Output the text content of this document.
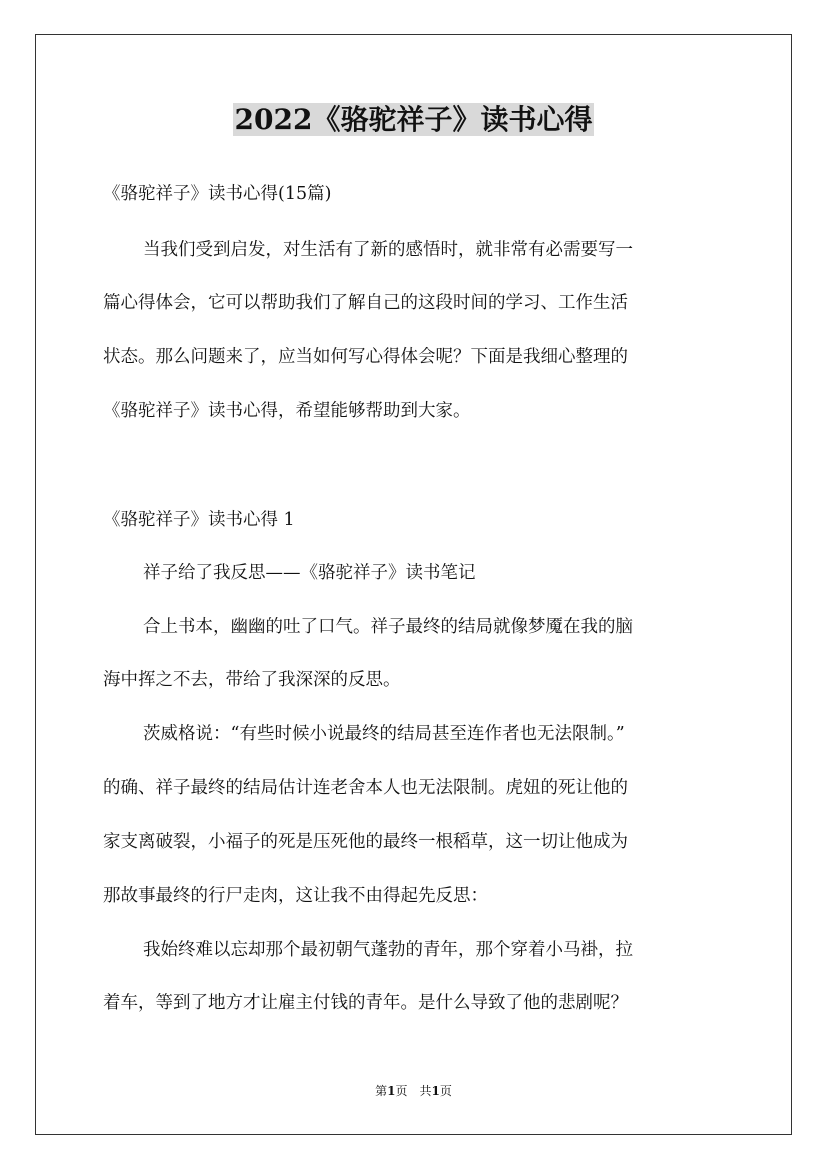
2022《骆驼祥子》读书心得
《骆驼祥子》读书心得(15篇)
当我们受到启发，对生活有了新的感悟时，就非常有必需要写一
篇心得体会，它可以帮助我们了解自己的这段时间的学习、工作生活
状态。那么问题来了，应当如何写心得体会呢？下面是我细心整理的
《骆驼祥子》读书心得，希望能够帮助到大家。
《骆驼祥子》读书心得 1
祥子给了我反思——《骆驼祥子》读书笔记
合上书本，幽幽的吐了口气。祥子最终的结局就像梦魇在我的脑
海中挥之不去，带给了我深深的反思。
茨威格说：“有些时候小说最终的结局甚至连作者也无法限制。”
的确、祥子最终的结局估计连老舍本人也无法限制。虎妞的死让他的
家支离破裂，小福子的死是压死他的最终一根稻草，这一切让他成为
那故事最终的行尸走肉，这让我不由得起先反思：
我始终难以忘却那个最初朝气蓬勃的青年，那个穿着小马褂，拉
着车，等到了地方才让雇主付钱的青年。是什么导致了他的悲剧呢？
第1页　共1页
